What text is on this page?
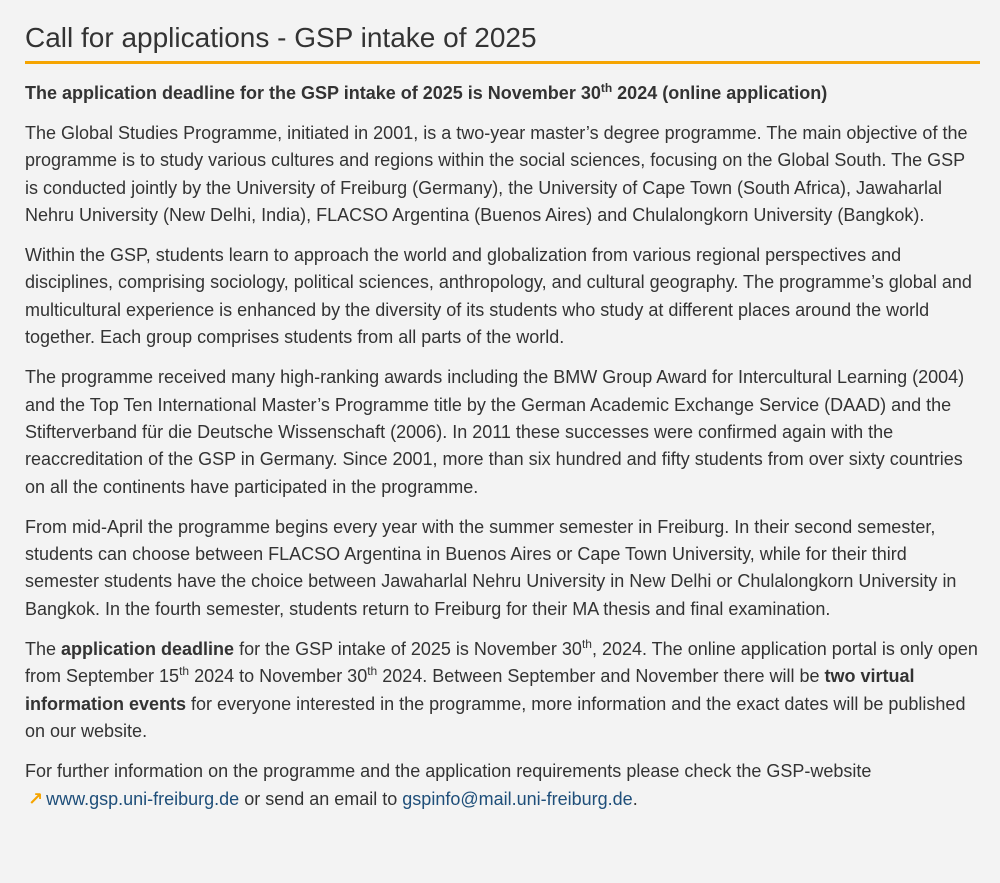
Call for applications - GSP intake of 2025
The application deadline for the GSP intake of 2025 is November 30th 2024 (online application)

The Global Studies Programme, initiated in 2001, is a two-year master’s degree programme. The main objective of the programme is to study various cultures and regions within the social sciences, focusing on the Global South. The GSP is conducted jointly by the University of Freiburg (Germany), the University of Cape Town (South Africa), Jawaharlal Nehru University (New Delhi, India), FLACSO Argentina (Buenos Aires) and Chulalongkorn University (Bangkok).

Within the GSP, students learn to approach the world and globalization from various regional perspectives and disciplines, comprising sociology, political sciences, anthropology, and cultural geography. The programme’s global and multicultural experience is enhanced by the diversity of its students who study at different places around the world together. Each group comprises students from all parts of the world.

The programme received many high-ranking awards including the BMW Group Award for Intercultural Learning (2004) and the Top Ten International Master’s Programme title by the German Academic Exchange Service (DAAD) and the Stifterverband für die Deutsche Wissenschaft (2006). In 2011 these successes were confirmed again with the reaccreditation of the GSP in Germany. Since 2001, more than six hundred and fifty students from over sixty countries on all the continents have participated in the programme.

From mid-April the programme begins every year with the summer semester in Freiburg. In their second semester, students can choose between FLACSO Argentina in Buenos Aires or Cape Town University, while for their third semester students have the choice between Jawaharlal Nehru University in New Delhi or Chulalongkorn University in Bangkok. In the fourth semester, students return to Freiburg for their MA thesis and final examination.

The application deadline for the GSP intake of 2025 is November 30th, 2024. The online application portal is only open from September 15th 2024 to November 30th 2024. Between September and November there will be two virtual information events for everyone interested in the programme, more information and the exact dates will be published on our website.

For further information on the programme and the application requirements please check the GSP-website
↗ www.gsp.uni-freiburg.de or send an email to gspinfo@mail.uni-freiburg.de.
